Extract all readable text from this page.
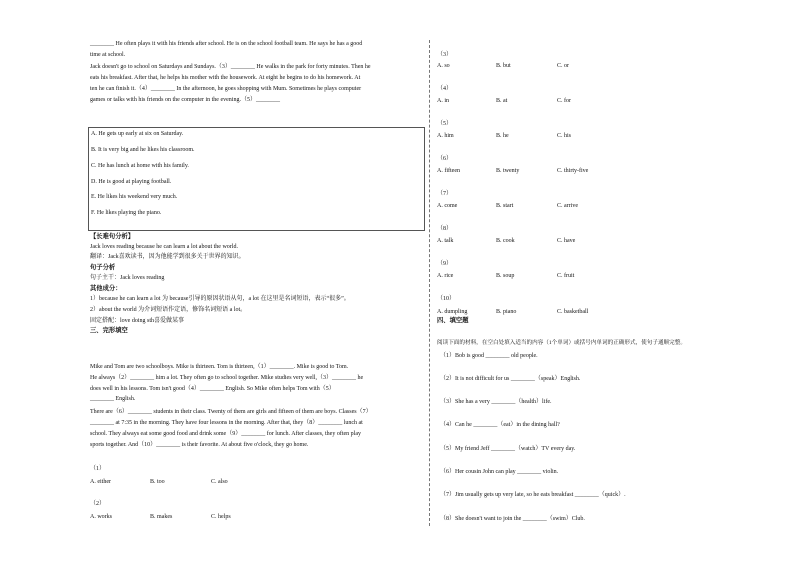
________ He often plays it with his friends after school. He is on the school football team. He says he has a good
time at school.
Jack doesn't go to school on Saturdays and Sundays.（3）________ He walks in the park for forty minutes. Then he
eats his breakfast. After that, he helps his mother with the housework. At eight he begins to do his homework. At
ten he can finish it.（4）________ In the afternoon, he goes shopping with Mum. Sometimes he plays computer
games or talks with his friends on the computer in the evening.（5）________
A. He gets up early at six on Saturday.
B. It is very big and he likes his classroom.
C. He has lunch at home with his family.
D. He is good at playing football.
E. He likes his weekend very much.
F. He likes playing the piano.
【长难句分析】
Jack loves reading because he can learn a lot about the world.
翻译：Jack喜欢读书，因为他能学到很多关于世界的知识。
句子分析
句子主干：Jack loves reading
其他成分：
1）because he can learn a lot 为 because引导的原因状语从句，a lot 在这里是名词短语，表示“很多”。
2）about the world 为介词短语作定语，修饰名词短语 a lot。
固定搭配：love doing sth喜爱做某事
三、完形填空
Mike and Tom are two schoolboys. Mike is thirteen. Tom is thirteen,（1）________. Mike is good to Tom.
He always（2）________ him a lot. They often go to school together. Mike studies very well,（3）________ he
does well in his lessons. Tom isn't good（4）________ English. So Mike often helps Tom with（5）
________ English.
There are（6）________ students in their class. Twenty of them are girls and fifteen of them are boys. Classes（7）
________ at 7:35 in the morning. They have four lessons in the morning. After that, they（8）________ lunch at
school. They always eat some good food and drink some（9）________ for lunch. After classes, they often play
sports together. And（10）________ is their favorite. At about five o'clock, they go home.
（1）
A. either	B. too	C. also
（2）
A. works	B. makes	C. helps
（3）
A. so	B. but	C. or
（4）
A. in	B. at	C. for
（5）
A. him	B. he	C. his
（6）
A. fifteen	B. twenty	C. thirty-five
（7）
A. come	B. start	C. arrive
（8）
A. talk	B. cook	C. have
（9）
A. rice	B. soup	C. fruit
（10）
A. dumpling	B. piano	C. basketball
四、填空题
阅读下面的材料，在空白处填入适当的内容（1个单词）或括号内单词的正确形式，使句子通顺完整。
（1）Bob is good ________ old people.
（2）It is not difficult for us ________（speak）English.
（3）She has a very ________（health）life.
（4）Can he ________（eat）in the dining hall?
（5）My friend Jeff ________（watch）TV every day.
（6）Her cousin John can play ________ violin.
（7）Jim usually gets up very late, so he eats breakfast ________（quick）.
（8）She doesn't want to join the ________（swim）Club.
